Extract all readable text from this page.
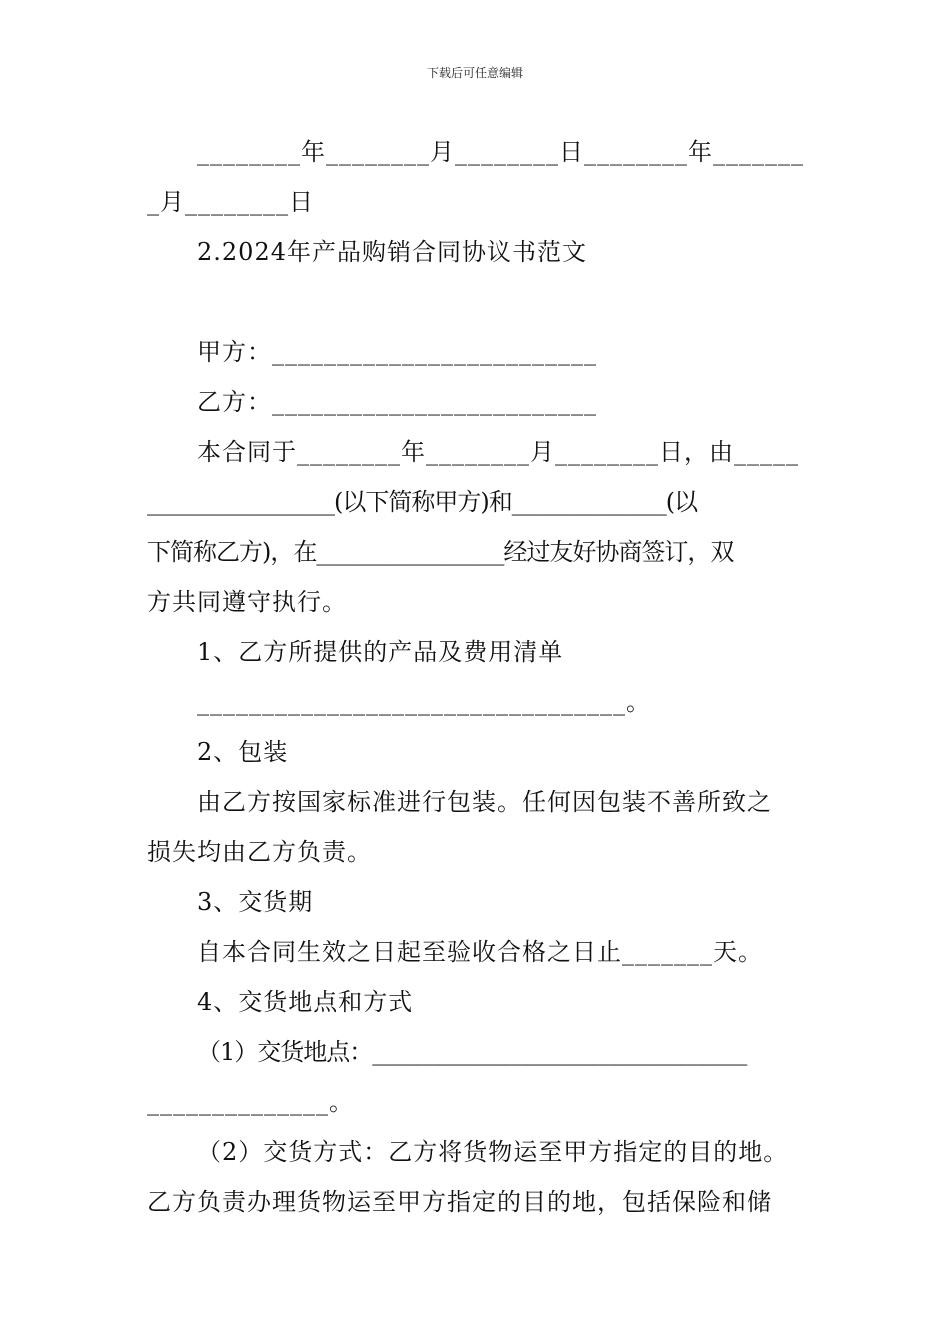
下载后可任意编辑
________年________月________日________年_______
_月________日
2.2024年产品购销合同协议书范文
甲方：_________________________
乙方：_________________________
本合同于________年________月________日，由_____
_________________(以下简称甲方)和______________(以
下简称乙方)，在_________________经过友好协商签订，双
方共同遵守执行。
1、乙方所提供的产品及费用清单
_________________________________。
2、包装
由乙方按国家标准进行包装。任何因包装不善所致之
损失均由乙方负责。
3、交货期
自本合同生效之日起至验收合格之日止_______天。
4、交货地点和方式
（1）交货地点：__________________________________
______________。
（2）交货方式：乙方将货物运至甲方指定的目的地。
乙方负责办理货物运至甲方指定的目的地，包括保险和储
